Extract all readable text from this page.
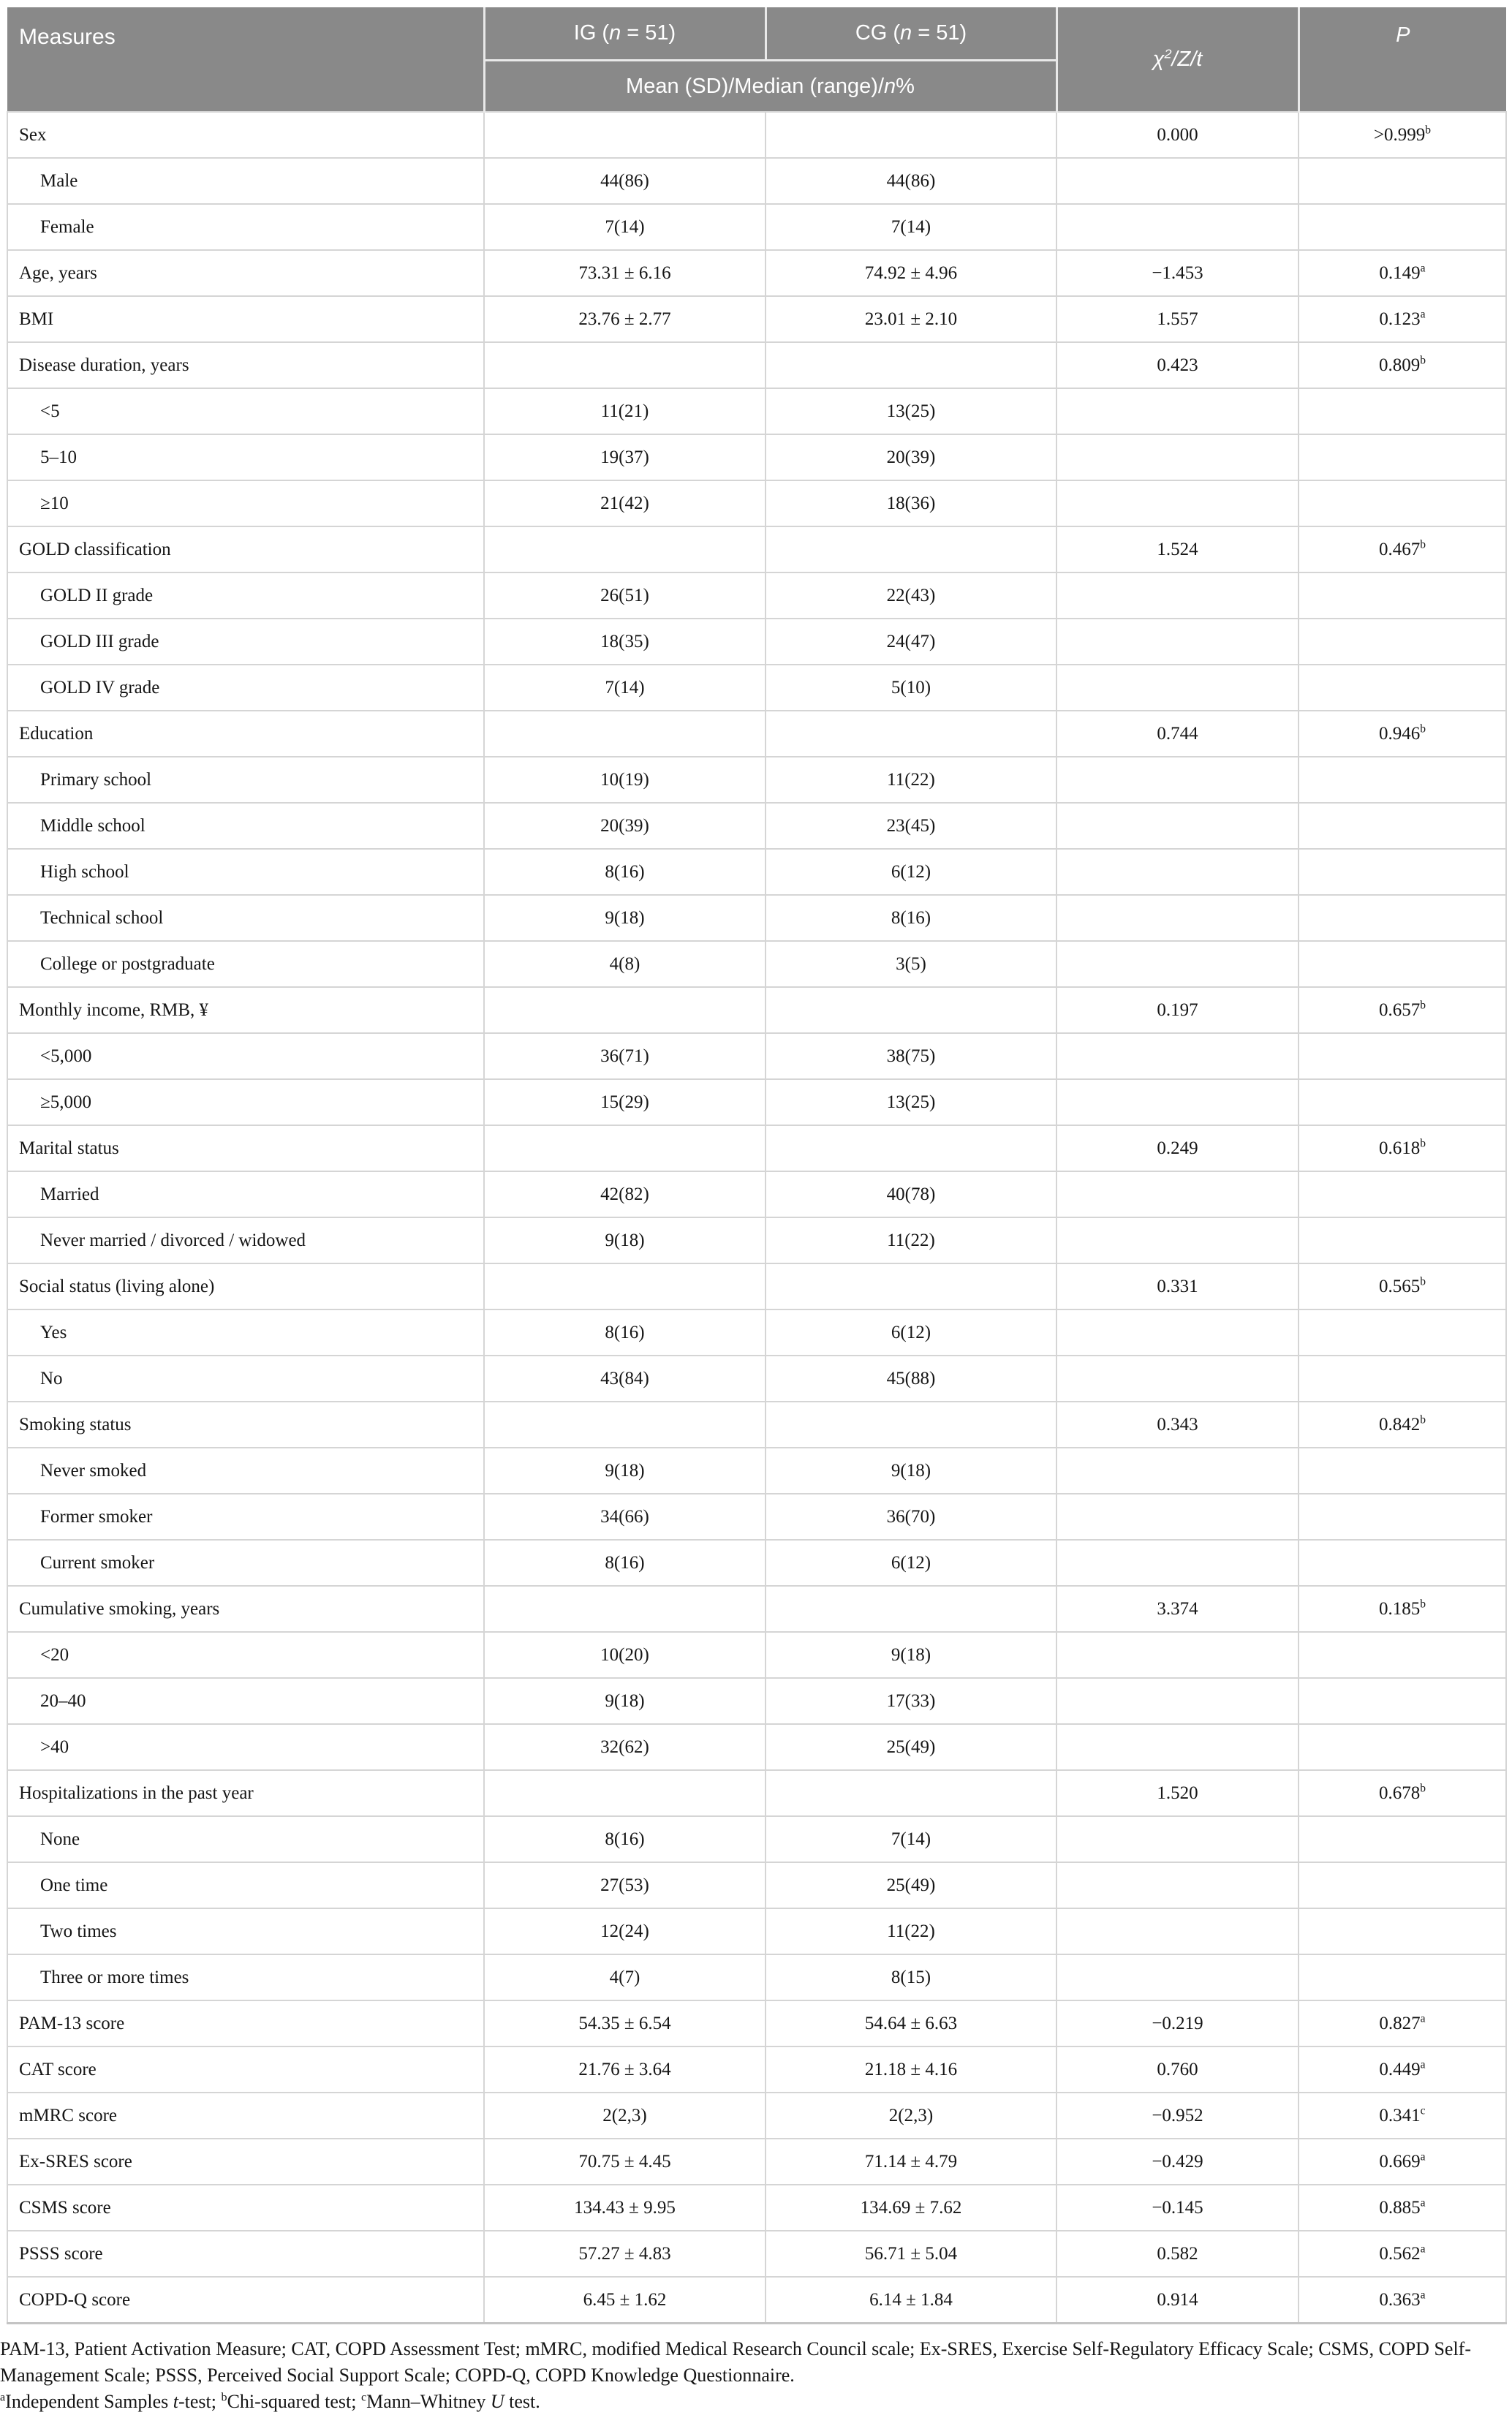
Measures	IG (n = 51)	CG (n = 51)	$\chi^2/Z/t$	P
	Mean (SD)/Median (range)/n%			
Sex			0.000	>0.999$^b$
Male	44(86)	44(86)		
Female	7(14)	7(14)		
Age, years	73.31 ± 6.16	74.92 ± 4.96	−1.453	0.149$^a$
BMI	23.76 ± 2.77	23.01 ± 2.10	1.557	0.123$^a$
Disease duration, years			0.423	0.809$^b$
<5	11(21)	13(25)		
5–10	19(37)	20(39)		
≥10	21(42)	18(36)		
GOLD classification			1.524	0.467$^b$
GOLD II grade	26(51)	22(43)		
GOLD III grade	18(35)	24(47)		
GOLD IV grade	7(14)	5(10)		
Education			0.744	0.946$^b$
Primary school	10(19)	11(22)		
Middle school	20(39)	23(45)		
High school	8(16)	6(12)		
Technical school	9(18)	8(16)		
College or postgraduate	4(8)	3(5)		
Monthly income, RMB, ¥			0.197	0.657$^b$
<5,000	36(71)	38(75)		
≥5,000	15(29)	13(25)		
Marital status			0.249	0.618$^b$
Married	42(82)	40(78)		
Never married / divorced / widowed	9(18)	11(22)		
Social status (living alone)			0.331	0.565$^b$
Yes	8(16)	6(12)		
No	43(84)	45(88)		
Smoking status			0.343	0.842$^b$
Never smoked	9(18)	9(18)		
Former smoker	34(66)	36(70)		
Current smoker	8(16)	6(12)		
Cumulative smoking, years			3.374	0.185$^b$
<20	10(20)	9(18)		
20–40	9(18)	17(33)		
>40	32(62)	25(49)		
Hospitalizations in the past year			1.520	0.678$^b$
None	8(16)	7(14)		
One time	27(53)	25(49)		
Two times	12(24)	11(22)		
Three or more times	4(7)	8(15)		
PAM-13 score	54.35 ± 6.54	54.64 ± 6.63	−0.219	0.827$^a$
CAT score	21.76 ± 3.64	21.18 ± 4.16	0.760	0.449$^a$
mMRC score	2(2,3)	2(2,3)	−0.952	0.341$^c$
Ex-SRES score	70.75 ± 4.45	71.14 ± 4.79	−0.429	0.669$^a$
CSMS score	134.43 ± 9.95	134.69 ± 7.62	−0.145	0.885$^a$
PSSS score	57.27 ± 4.83	56.71 ± 5.04	0.582	0.562$^a$
COPD-Q score	6.45 ± 1.62	6.14 ± 1.84	0.914	0.363$^a$

PAM-13, Patient Activation Measure; CAT, COPD Assessment Test; mMRC, modified Medical Research Council scale; Ex-SRES, Exercise Self-Regulatory Efficacy Scale; CSMS, COPD Self-Management Scale; PSSS, Perceived Social Support Scale; COPD-Q, COPD Knowledge Questionnaire.

$^a$Independent Samples t-test; $^b$Chi-squared test; $^c$Mann–Whitney U test.
